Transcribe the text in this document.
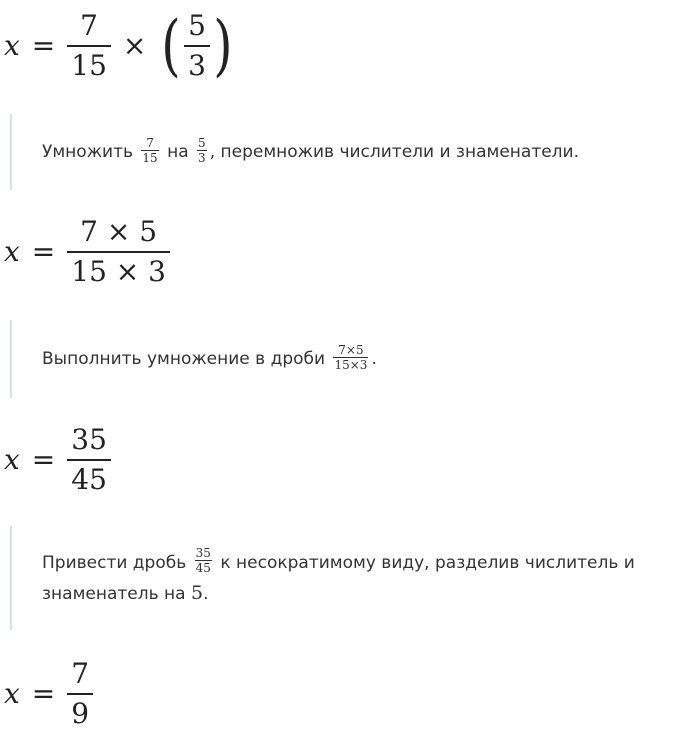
$x = \frac{7}{15}$ × ( $\frac{5}{3}$ )
Умножить $\frac{7}{15}$ на $\frac{5}{3}$ , перемножив числители и знаменатели.
$x = \frac{7 \times 5}{15 \times 3}$
Выполнить умножение в дроби $\frac{7\times 5}{15\times 3}$ .
$x = \frac{35}{45}$
Привести дробь $\frac{35}{45}$ к несократимому виду, разделив числитель и
знаменатель на 5.
$x = \frac{7}{9}$
